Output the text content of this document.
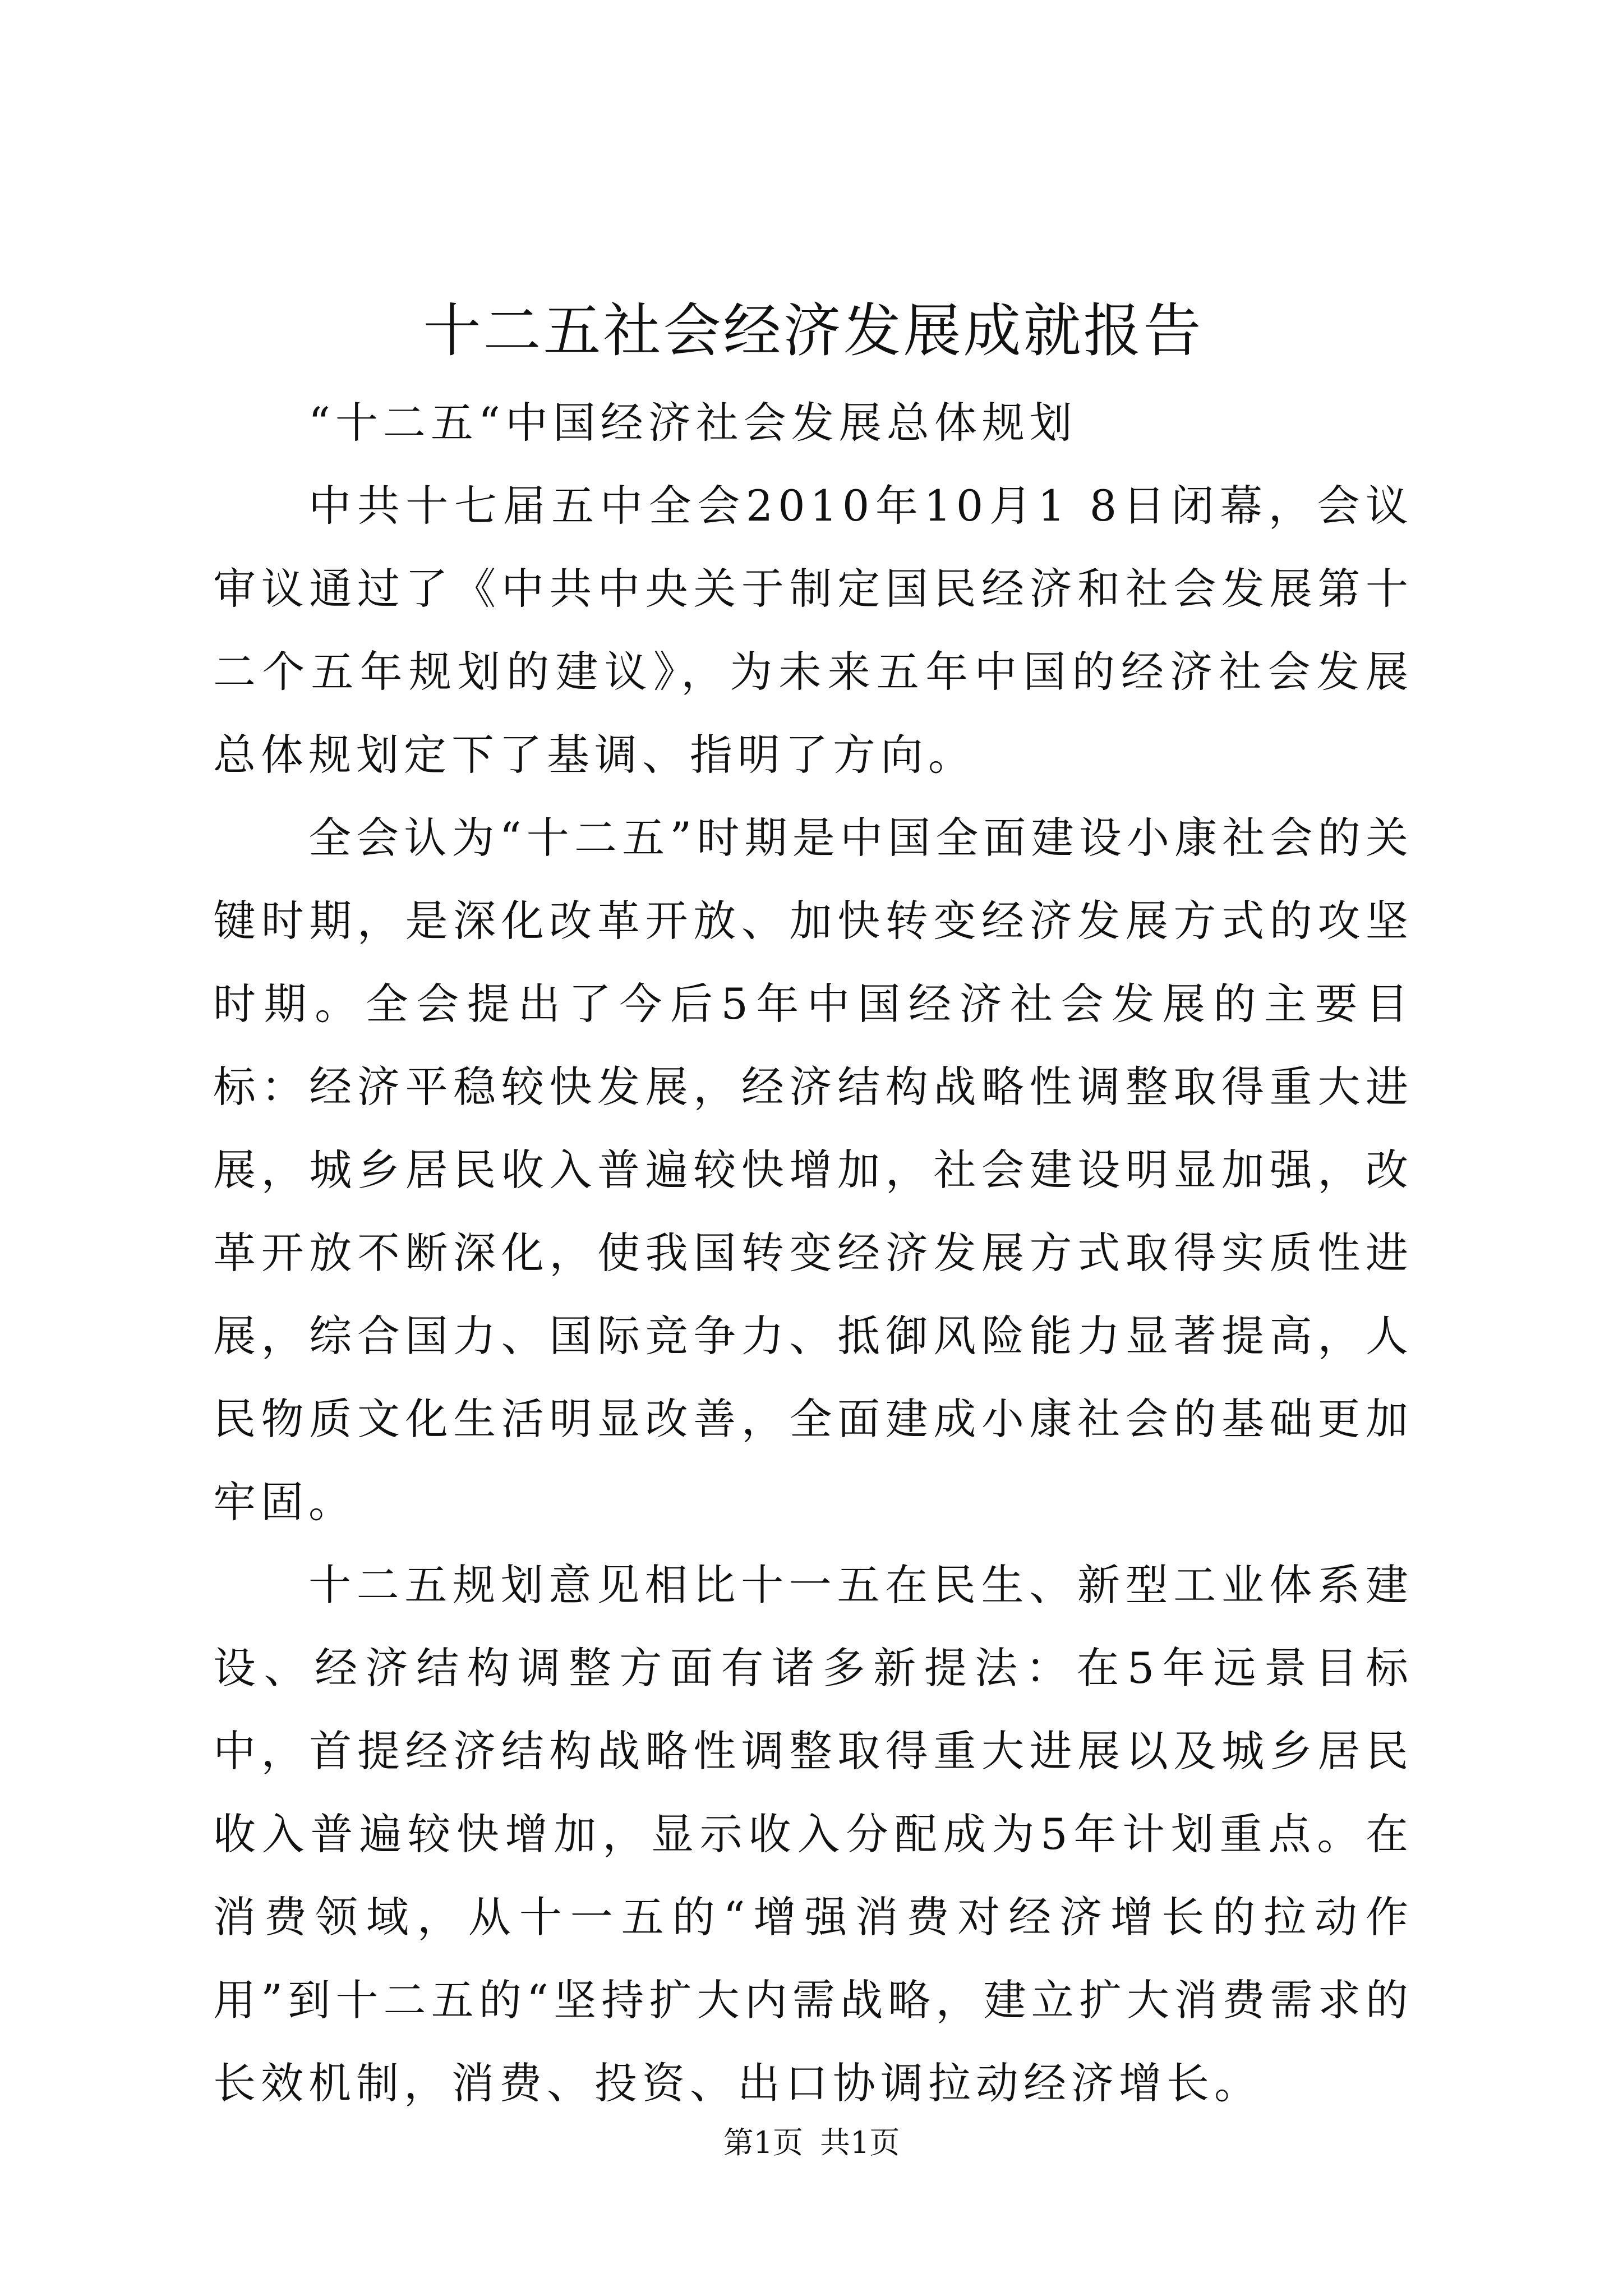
十二五社会经济发展成就报告

“十二五“中国经济社会发展总体规划

中共十七届五中全会2010年10月1 8日闭幕，会议审议通过了《中共中央关于制定国民经济和社会发展第十二个五年规划的建议》，为未来五年中国的经济社会发展总体规划定下了基调、指明了方向。

全会认为“十二五”时期是中国全面建设小康社会的关键时期，是深化改革开放、加快转变经济发展方式的攻坚时期。全会提出了今后5年中国经济社会发展的主要目标：经济平稳较快发展，经济结构战略性调整取得重大进展，城乡居民收入普遍较快增加，社会建设明显加强，改革开放不断深化，使我国转变经济发展方式取得实质性进展，综合国力、国际竞争力、抵御风险能力显著提高，人民物质文化生活明显改善，全面建成小康社会的基础更加牢固。

十二五规划意见相比十一五在民生、新型工业体系建设、经济结构调整方面有诸多新提法：在5年远景目标中，首提经济结构战略性调整取得重大进展以及城乡居民收入普遍较快增加，显示收入分配成为5年计划重点。在消费领域，从十一五的“增强消费对经济增长的拉动作用”到十二五的“坚持扩大内需战略，建立扩大消费需求的长效机制，消费、投资、出口协调拉动经济增长。

第1页 共1页
